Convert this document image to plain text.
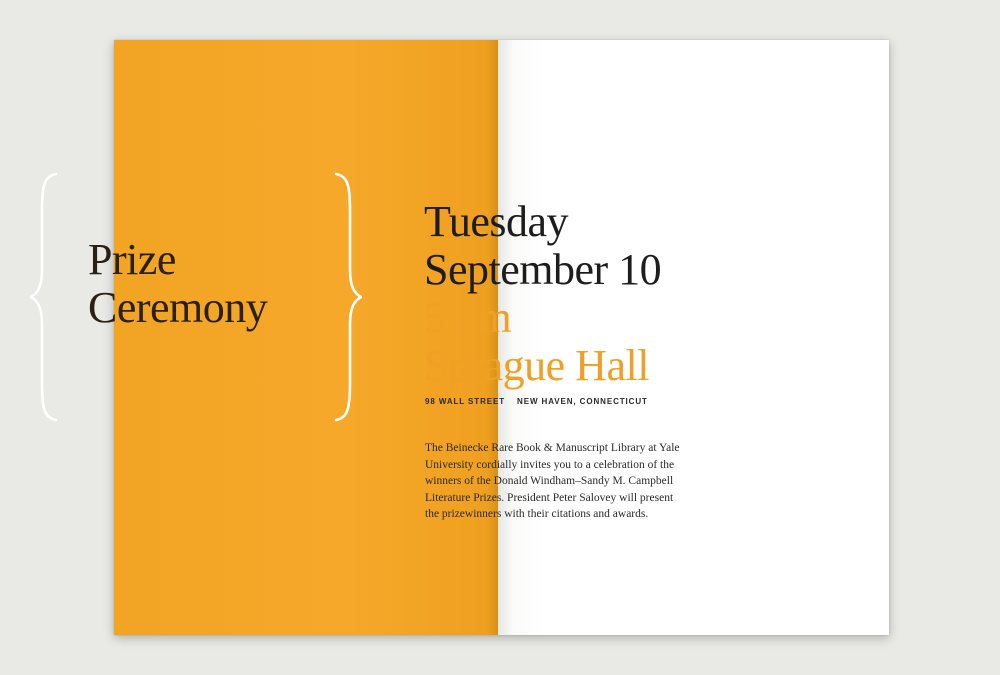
Prize
Ceremony
Tuesday
September 10
5 pm
Sprague Hall
98 WALL STREET NEW HAVEN, CONNECTICUT
The Beinecke Rare Book & Manuscript Library at Yale
University cordially invites you to a celebration of the
winners of the Donald Windham–Sandy M. Campbell
Literature Prizes. President Peter Salovey will present
the prizewinners with their citations and awards.
